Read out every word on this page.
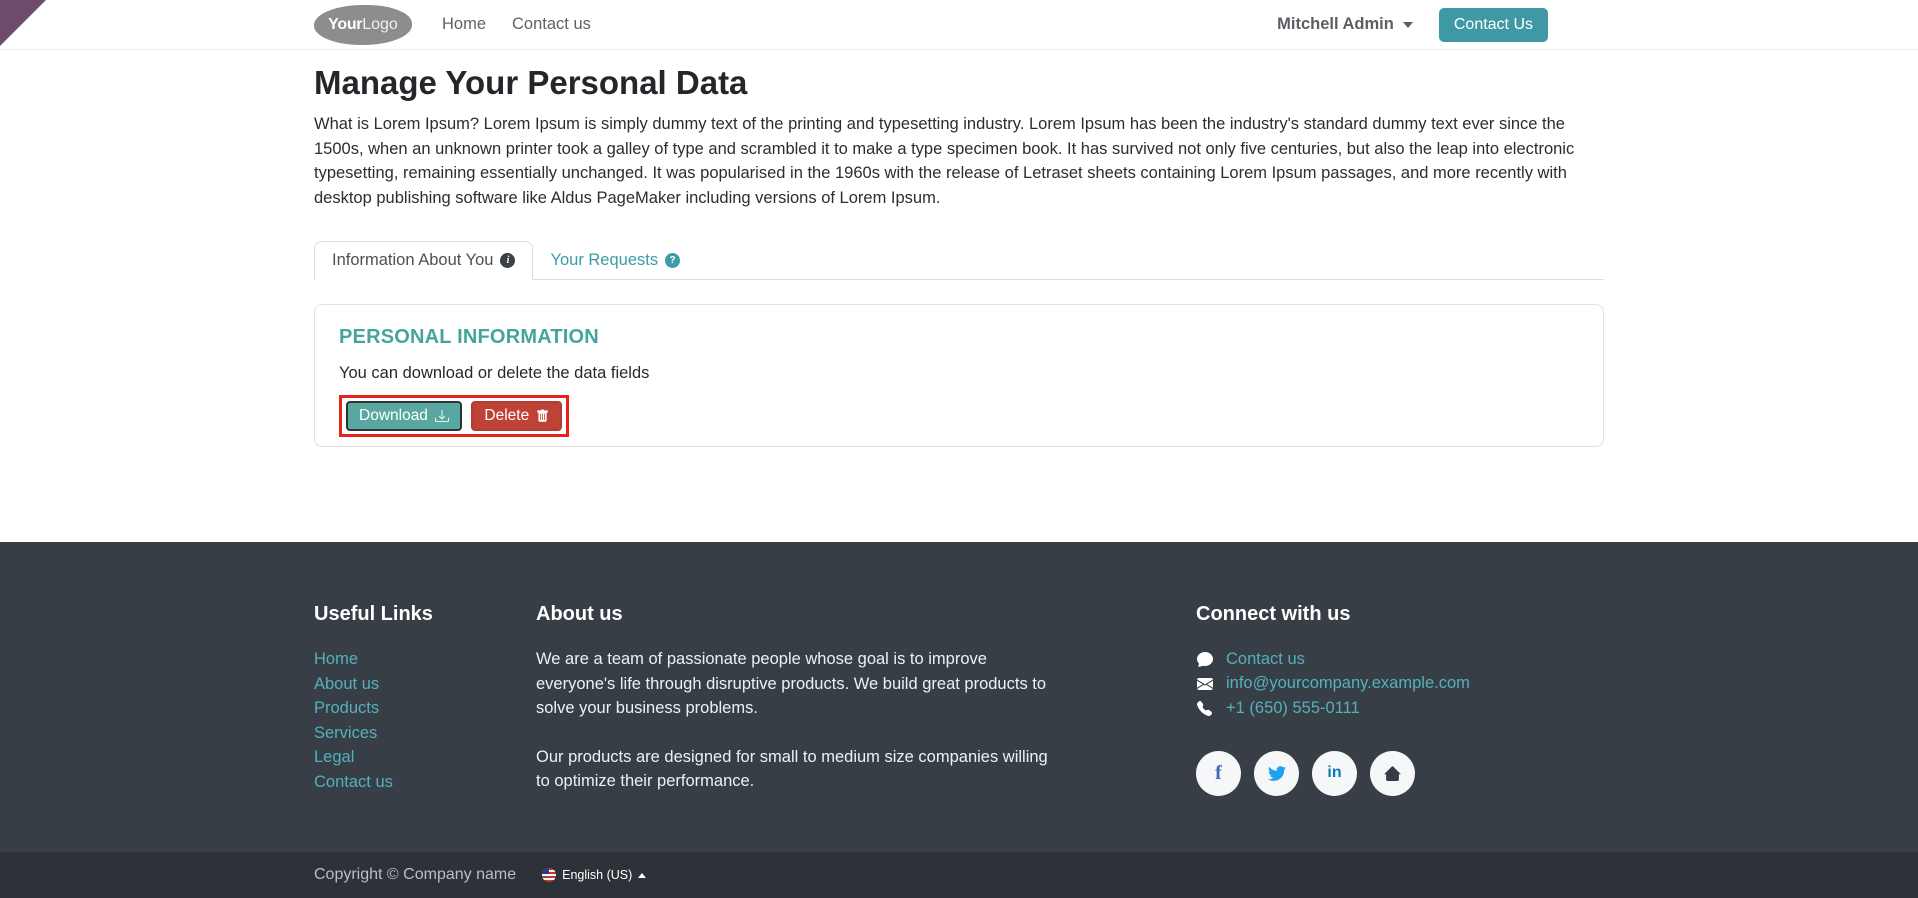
Your Logo	Home Contact us	Mitchell Admin	Contact Us
Manage Your Personal Data

What is Lorem Ipsum? Lorem Ipsum is simply dummy text of the printing and typesetting industry. Lorem Ipsum has been the industry's standard dummy text ever since the 1500s, when an unknown printer took a galley of type and scrambled it to make a type specimen book. It has survived not only five centuries, but also the leap into electronic typesetting, remaining essentially unchanged. It was popularised in the 1960s with the release of Letraset sheets containing Lorem Ipsum passages, and more recently with desktop publishing software like Aldus PageMaker including versions of Lorem Ipsum.

Information About You i	Your Requests
?
PERSONAL INFORMATION

You can download or delete the data fields

Download
	Delete
Useful Links
Home
About us
Products
Services
Legal
Contact us
About us

We are a team of passionate people whose goal is to improve everyone's life through disruptive products. We build great products to solve your business problems.

Our products are designed for small to medium size companies willing to optimize their performance.

Connect with us
Contact us
info@yourcompany.example.com
+1 (650) 555-0111
f	in
Copyright © Company name	English (US)
